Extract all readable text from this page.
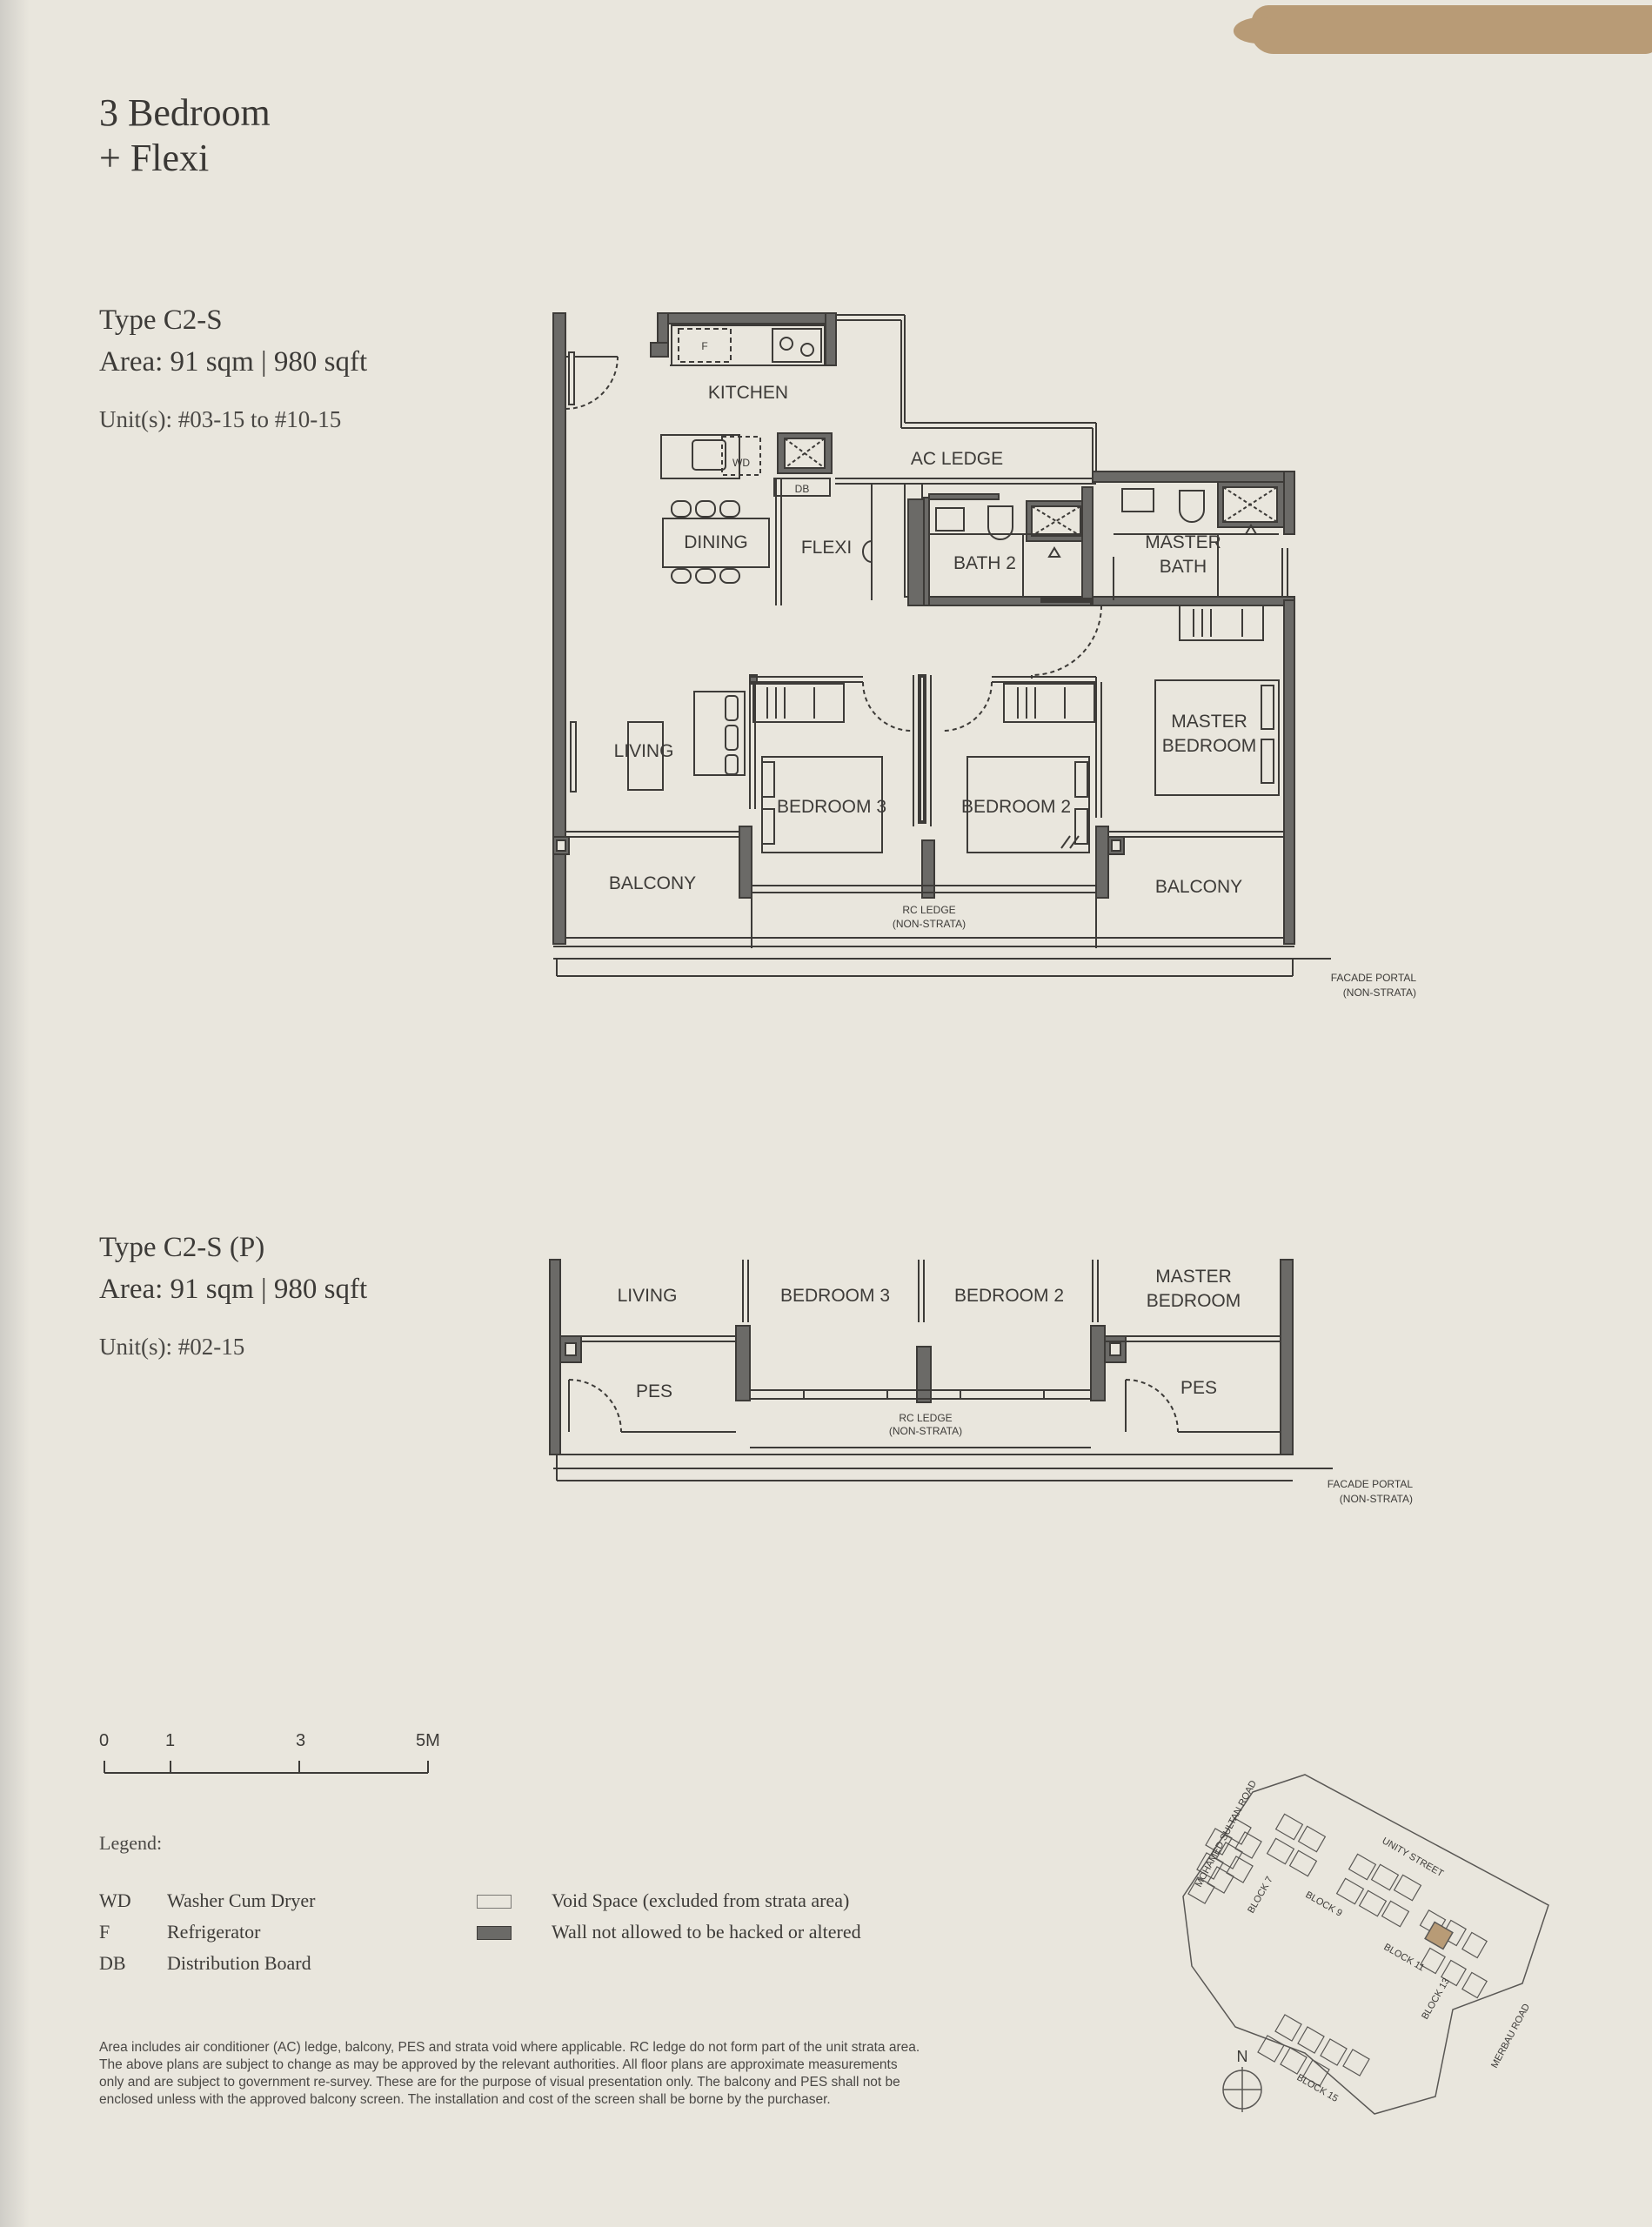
3 Bedroom
+ Flexi
Type C2-S
Area: 91 sqm | 980 sqft
Unit(s): #03-15 to #10-15
Type C2-S (P)
Area: 91 sqm | 980 sqft
Unit(s): #02-15
KITCHEN
F
WD
DB
AC LEDGE
DINING	FLEXI
BATH 2
MASTER
BATH
LIVING
BEDROOM 3	BEDROOM 2
MASTER
BEDROOM
BALCONY	BALCONY
RC LEDGE
(NON-STRATA)
FACADE PORTAL
(NON-STRATA)
LIVING	BEDROOM 3	BEDROOM 2
MASTER
BEDROOM
PES	PES
RC LEDGE
(NON-STRATA)
FACADE PORTAL
(NON-STRATA)
0	1	3	5M
Legend:
WD	Washer Cum Dryer	Void Space (excluded from strata area)
F	Refrigerator	Wall not allowed to be hacked or altered
DB	Distribution Board
Area includes air conditioner (AC) ledge, balcony, PES and strata void where applicable. RC ledge do not form part of the unit strata area. The above plans are subject to change as may be approved by the relevant authorities. All floor plans are approximate measurements only and are subject to government re-survey. These are for the purpose of visual presentation only. The balcony and PES shall not be enclosed unless with the approved balcony screen. The installation and cost of the screen shall be borne by the purchaser.
MOHAMED SULTAN ROAD	UNITY STREET
MERBAU ROAD
BLOCK 7	BLOCK 9
BLOCK 11
BLOCK 13
BLOCK 15
N
